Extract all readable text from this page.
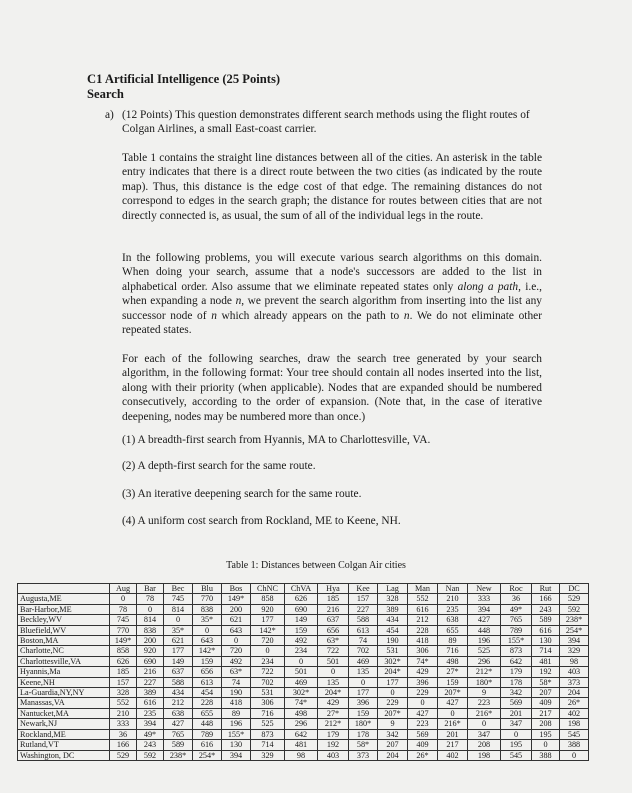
C1 Artificial Intelligence (25 Points)
Search
a) (12 Points) This question demonstrates different search methods using the flight routes of Colgan Airlines, a small East-coast carrier.
Table 1 contains the straight line distances between all of the cities. An asterisk in the table entry indicates that there is a direct route between the two cities (as indicated by the route map). Thus, this distance is the edge cost of that edge. The remaining distances do not correspond to edges in the search graph; the distance for routes between cities that are not directly connected is, as usual, the sum of all of the individual legs in the route.
In the following problems, you will execute various search algorithms on this domain. When doing your search, assume that a node's successors are added to the list in alphabetical order. Also assume that we eliminate repeated states only along a path, i.e., when expanding a node n, we prevent the search algorithm from inserting into the list any successor node of n which already appears on the path to n. We do not eliminate other repeated states.
For each of the following searches, draw the search tree generated by your search algorithm, in the following format: Your tree should contain all nodes inserted into the list, along with their priority (when applicable). Nodes that are expanded should be numbered consecutively, according to the order of expansion. (Note that, in the case of iterative deepening, nodes may be numbered more than once.)
(1) A breadth-first search from Hyannis, MA to Charlottesville, VA.
(2) A depth-first search for the same route.
(3) An iterative deepening search for the same route.
(4) A uniform cost search from Rockland, ME to Keene, NH.
Table 1: Distances between Colgan Air cities
	Aug	Bar	Bec	Blu	Bos	ChNC	ChVA	Hya	Kee	Lag	Man	Nan	New	Roc	Rut	DC
Augusta,ME	0	78	745	770	149*	858	626	185	157	328	552	210	333	36	166	529
Bar-Harbor,ME	78	0	814	838	200	920	690	216	227	389	616	235	394	49*	243	592
Beckley,WV	745	814	0	35*	621	177	149	637	588	434	212	638	427	765	589	238*
Bluefield,WV	770	838	35*	0	643	142*	159	656	613	454	228	655	448	789	616	254*
Boston,MA	149*	200	621	643	0	720	492	63*	74	190	418	89	196	155*	130	394
Charlotte,NC	858	920	177	142*	720	0	234	722	702	531	306	716	525	873	714	329
Charlottesville,VA	626	690	149	159	492	234	0	501	469	302*	74*	498	296	642	481	98
Hyannis,Ma	185	216	637	656	63*	722	501	0	135	204*	429	27*	212*	179	192	403
Keene,NH	157	227	588	613	74	702	469	135	0	177	396	159	180*	178	58*	373
La-Guardia,NY,NY	328	389	434	454	190	531	302*	204*	177	0	229	207*	9	342	207	204
Manassas,VA	552	616	212	228	418	306	74*	429	396	229	0	427	223	569	409	26*
Nantucket,MA	210	235	638	655	89	716	498	27*	159	207*	427	0	216*	201	217	402
Newark,NJ	333	394	427	448	196	525	296	212*	180*	9	223	216*	0	347	208	198
Rockland,ME	36	49*	765	789	155*	873	642	179	178	342	569	201	347	0	195	545
Rutland,VT	166	243	589	616	130	714	481	192	58*	207	409	217	208	195	0	388
Washington, DC	529	592	238*	254*	394	329	98	403	373	204	26*	402	198	545	388	0
